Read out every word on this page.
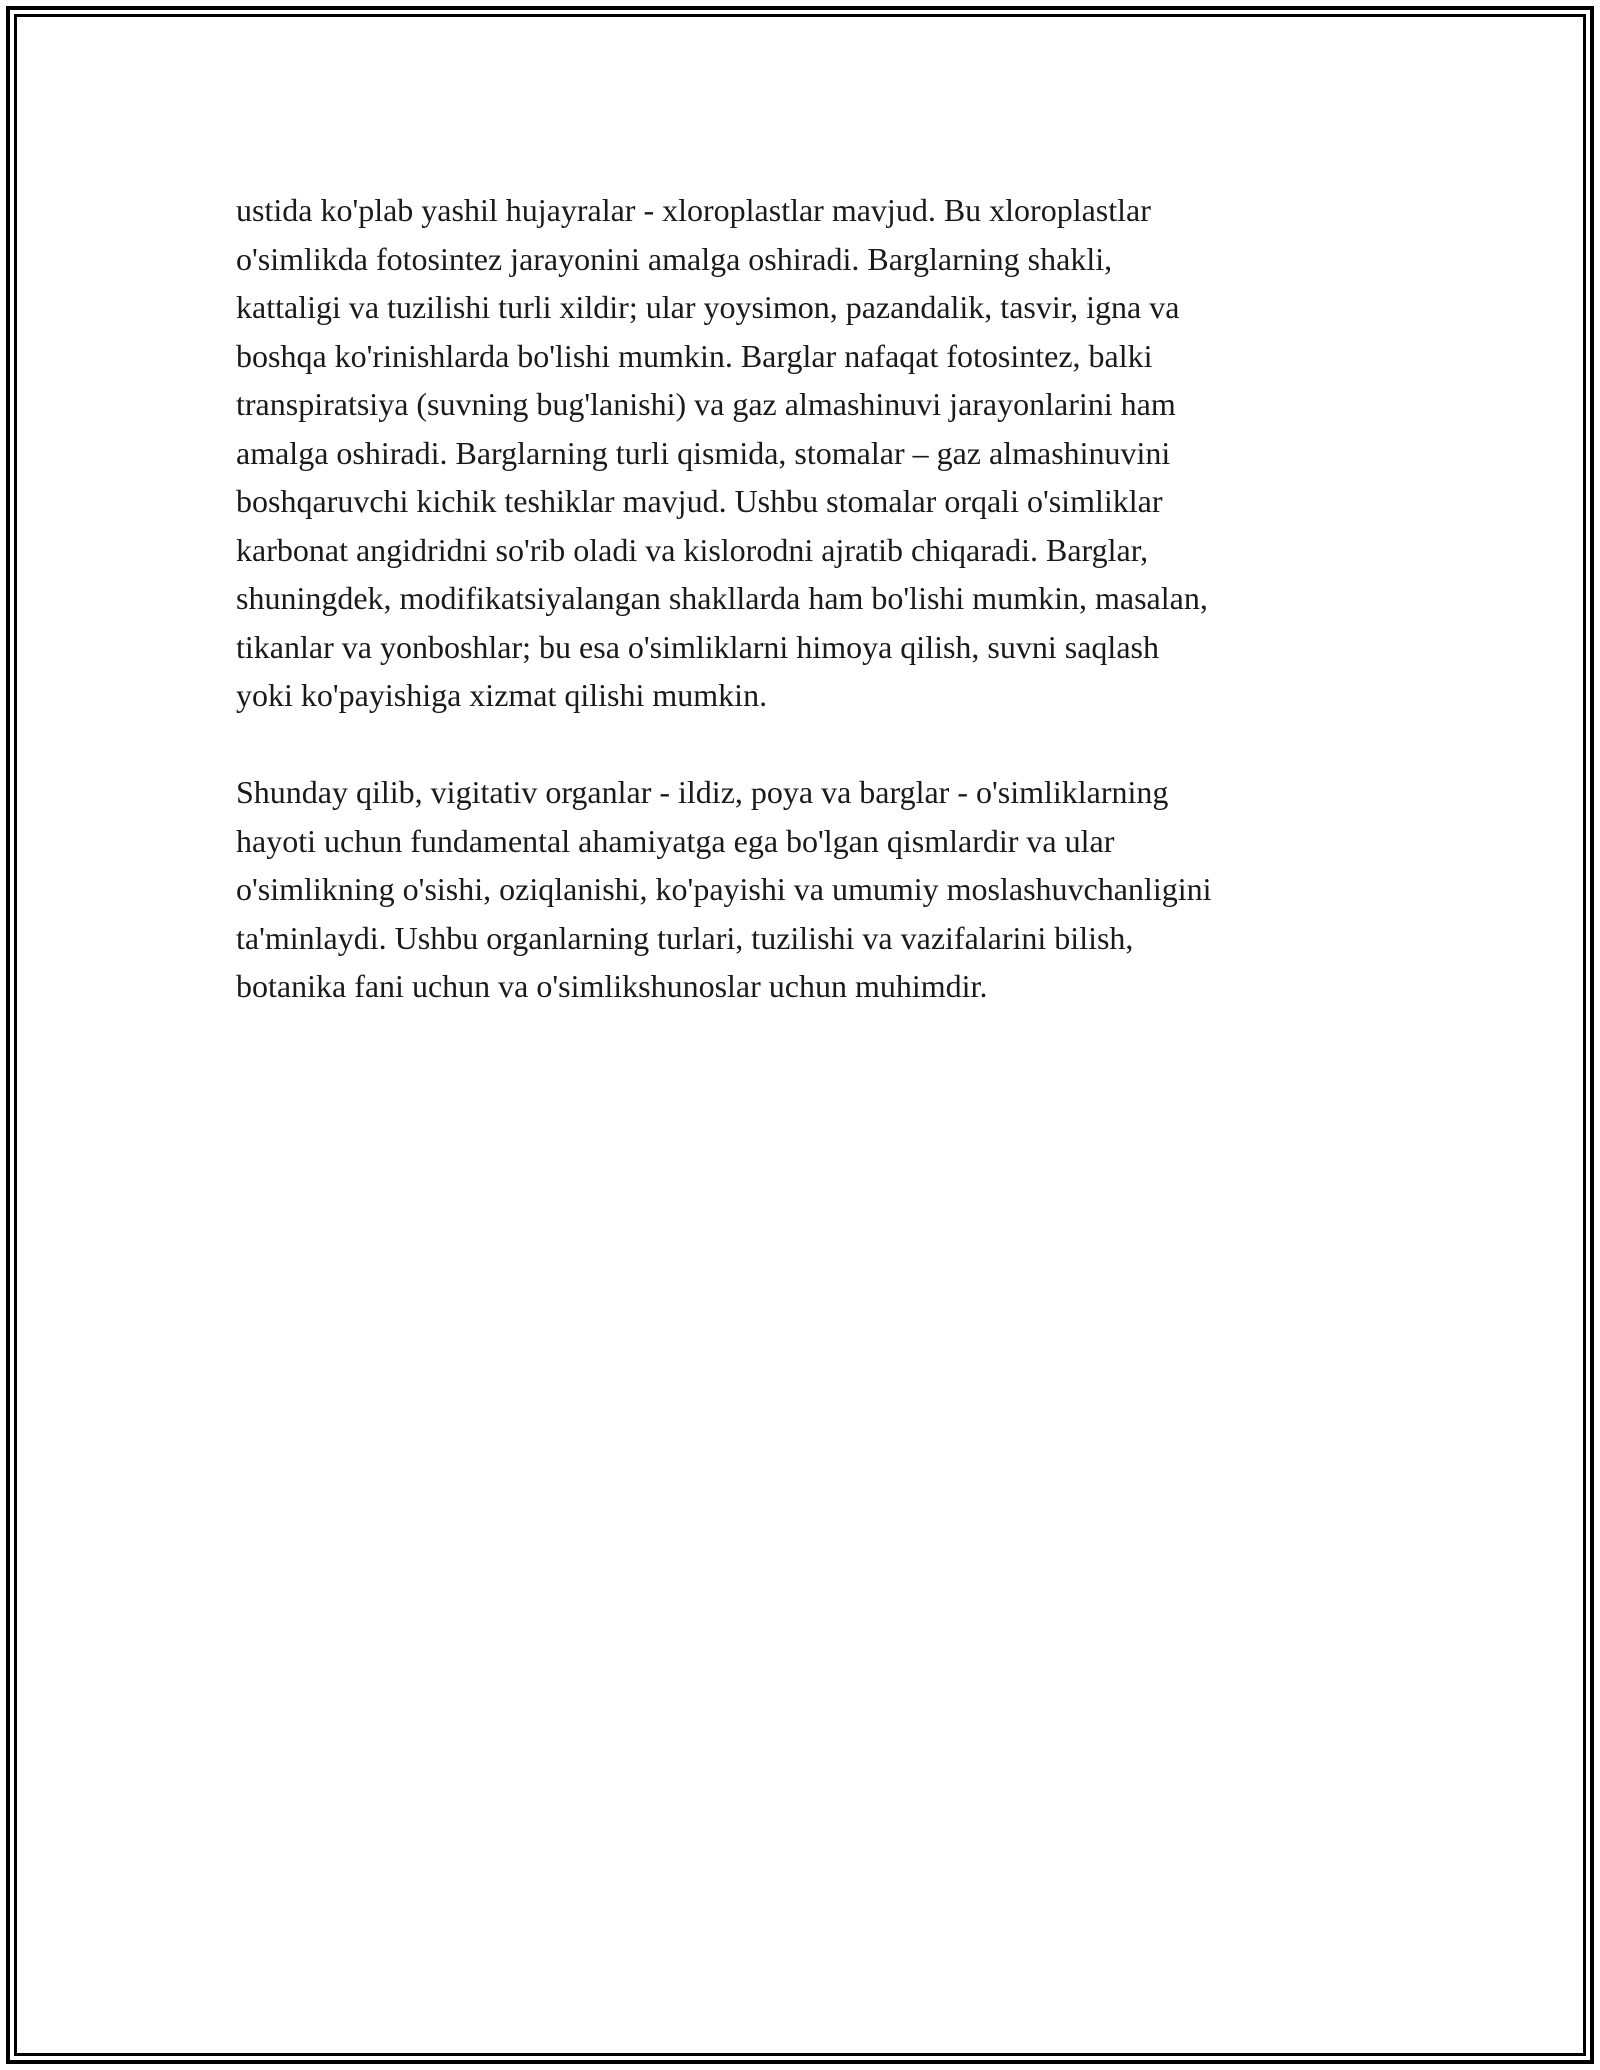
ustida ko'plab yashil hujayralar - xloroplastlar mavjud. Bu xloroplastlar
o'simlikda fotosintez jarayonini amalga oshiradi. Barglarning shakli,
kattaligi va tuzilishi turli xildir; ular yoysimon, pazandalik, tasvir, igna va
boshqa ko'rinishlarda bo'lishi mumkin. Barglar nafaqat fotosintez, balki
transpiratsiya (suvning bug'lanishi) va gaz almashinuvi jarayonlarini ham
amalga oshiradi. Barglarning turli qismida, stomalar – gaz almashinuvini
boshqaruvchi kichik teshiklar mavjud. Ushbu stomalar orqali o'simliklar
karbonat angidridni so'rib oladi va kislorodni ajratib chiqaradi. Barglar,
shuningdek, modifikatsiyalangan shakllarda ham bo'lishi mumkin, masalan,
tikanlar va yonboshlar; bu esa o'simliklarni himoya qilish, suvni saqlash
yoki ko'payishiga xizmat qilishi mumkin.

Shunday qilib, vigitativ organlar - ildiz, poya va barglar - o'simliklarning
hayoti uchun fundamental ahamiyatga ega bo'lgan qismlardir va ular
o'simlikning o'sishi, oziqlanishi, ko'payishi va umumiy moslashuvchanligini
ta'minlaydi. Ushbu organlarning turlari, tuzilishi va vazifalarini bilish,
botanika fani uchun va o'simlikshunoslar uchun muhimdir.
